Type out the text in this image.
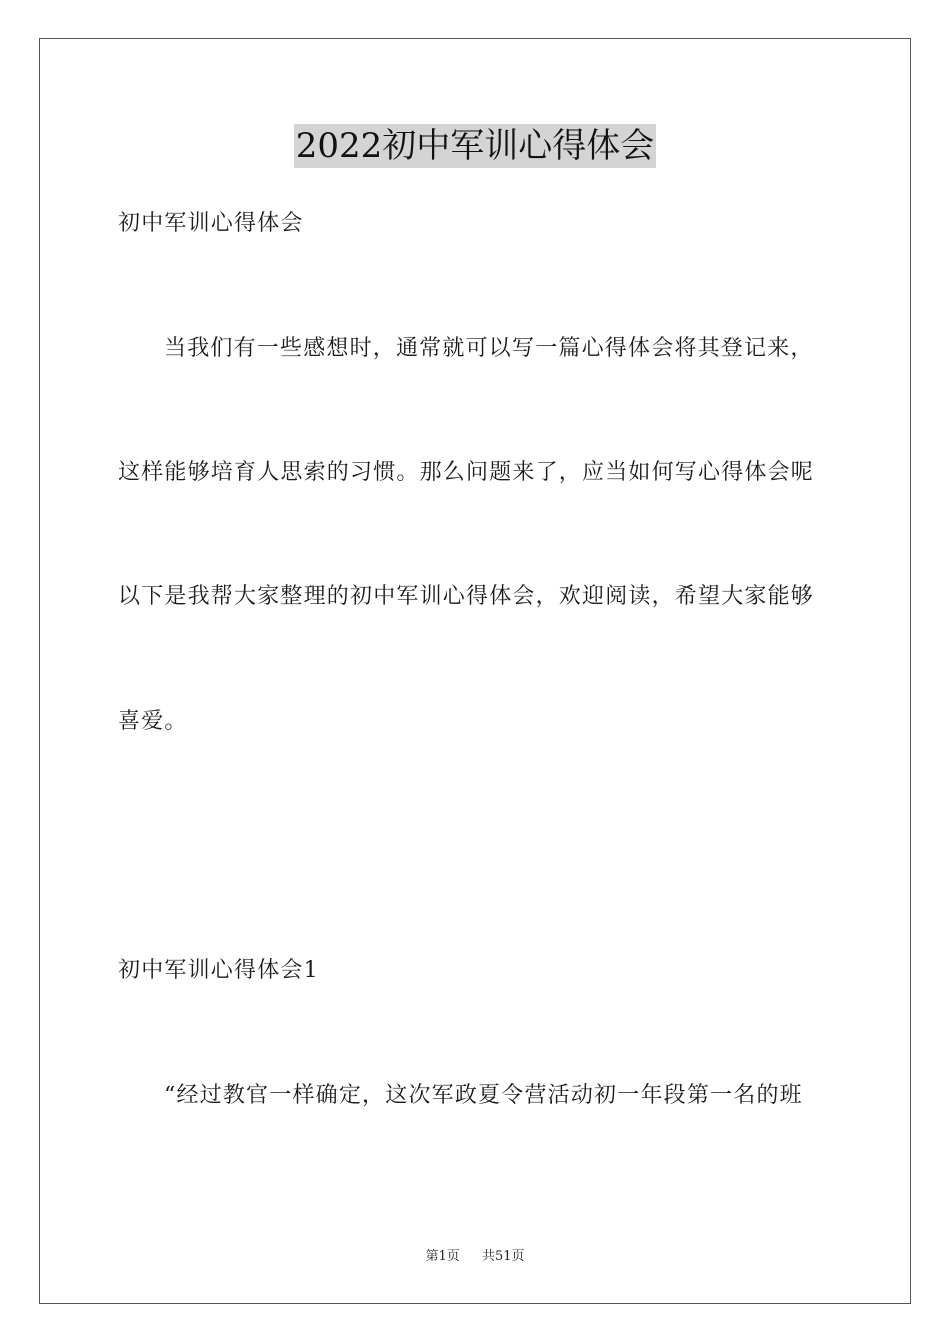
2022初中军训心得体会
初中军训心得体会
当我们有一些感想时，通常就可以写一篇心得体会将其登记来，
这样能够培育人思索的习惯。那么问题来了，应当如何写心得体会呢
以下是我帮大家整理的初中军训心得体会，欢迎阅读，希望大家能够
喜爱。
初中军训心得体会1
“经过教官一样确定，这次军政夏令营活动初一年段第一名的班
第1页 共51页
